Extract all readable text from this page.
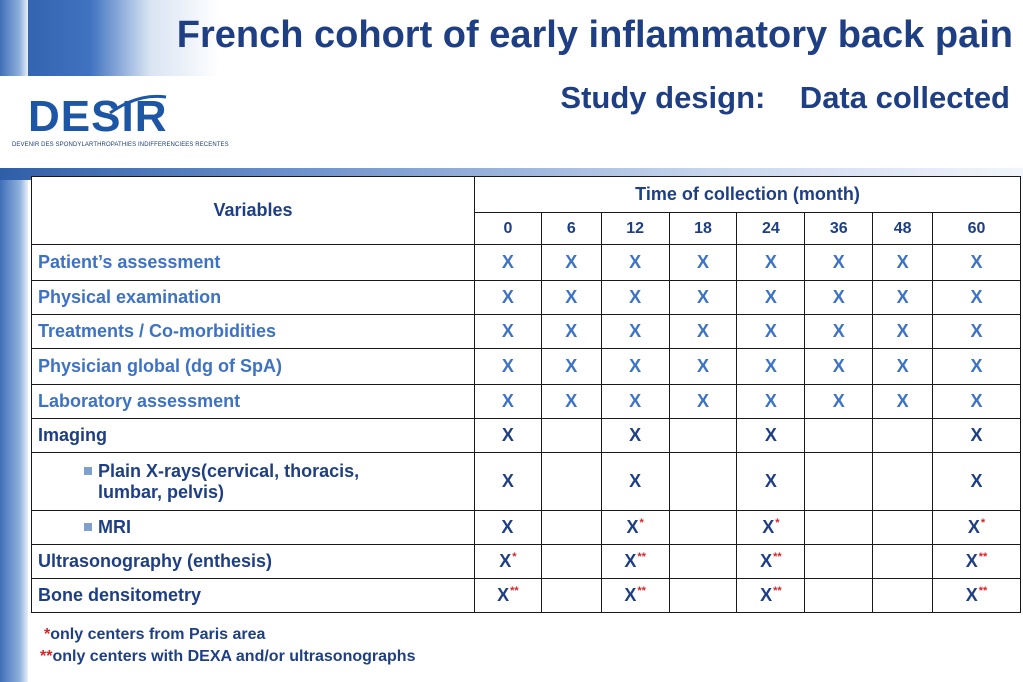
French cohort of early inflammatory back pain
Study design:    Data collected
DESIR
DEVENIR DES SPONDYLARTHROPATHIES INDIFFERENCIEES RECENTES
Variables	Time of collection (month)							
	0	6	12	18	24	36	48	60
Patient’s assessment	X	X	X	X	X	X	X	X
Physical examination	X	X	X	X	X	X	X	X
Treatments / Co-morbidities	X	X	X	X	X	X	X	X
Physician global (dg of SpA)	X	X	X	X	X	X	X	X
Laboratory assessment	X	X	X	X	X	X	X	X
Imaging	X		X		X			X
Plain X-rays(cervical, thoracis,
lumbar, pelvis)	X		X		X			X
MRI	X		X*		X*			X*
Ultrasonography (enthesis)	X*		X**		X**			X**
Bone densitometry	X**		X**		X**			X**
*only centers from Paris area
**only centers with DEXA and/or ultrasonographs
